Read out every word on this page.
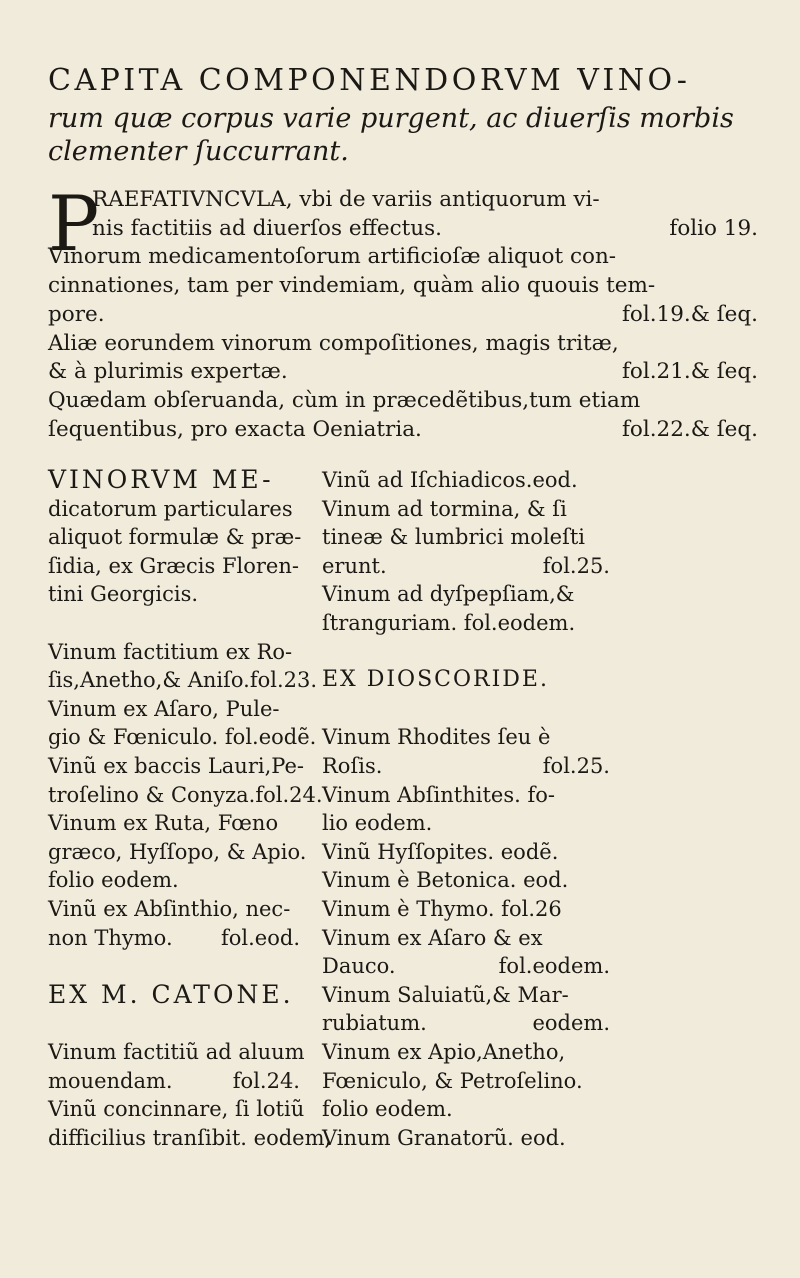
CAPITA COMPONENDORVM VINO-
rum quæ corpus varie purgent, ac diuerſis morbis
clementer ſuccurrant.
P
RAEFATIVNCVLA, vbi de variis antiquorum vi-
nis factitiis ad diuerſos effectus.	folio 19.
Vinorum medicamentoſorum artificioſæ aliquot con-
cinnationes, tam per vindemiam, quàm alio quouis tem-
pore.	fol.19.& ſeq.
Aliæ eorundem vinorum compoſitiones, magis tritæ,
& à plurimis expertæ.	fol.21.& ſeq.
Quædam obſeruanda, cùm in præcedẽtibus,tum etiam
ſequentibus, pro exacta Oeniatria.	fol.22.& ſeq.
VINORVM ME-
dicatorum particulares
aliquot formulæ & præ-
ſidia, ex Græcis Floren-
tini Georgicis.
Vinum factitium ex Ro-
ſis,Anetho,& Aniſo.fol.23.
Vinum ex Aſaro, Pule-
gio & Fœniculo. fol.eodẽ.
Vinũ ex baccis Lauri,Pe-
troſelino & Conyza.fol.24.
Vinum ex Ruta, Fœno
græco, Hyſſopo, & Apio.
folio eodem.
Vinũ ex Abſinthio, nec-
non Thymo. fol.eod.
EX M. CATONE.
Vinum factitiũ ad aluum
mouendam.	fol.24.
Vinũ concinnare, ſi lotiũ
difficilius tranſibit. eodem,
Vinũ ad Iſchiadicos.eod.
Vinum ad tormina, & ſi
tineæ & lumbrici moleſti
erunt.	fol.25.
Vinum ad dyſpepſiam,&
ſtranguriam. fol.eodem.
EX DIOSCORIDE.
Vinum Rhodites ſeu è
Roſis.	fol.25.
Vinum Abſinthites. fo-
lio eodem.
Vinũ Hyſſopites. eodẽ.
Vinum è Betonica. eod.
Vinum è Thymo. fol.26
Vinum ex Aſaro & ex
Dauco.	fol.eodem.
Vinum Saluiatũ,& Mar-
rubiatum.	eodem.
Vinum ex Apio,Anetho,
Fœniculo, & Petroſelino.
folio eodem.
Vinum Granatorũ. eod.
